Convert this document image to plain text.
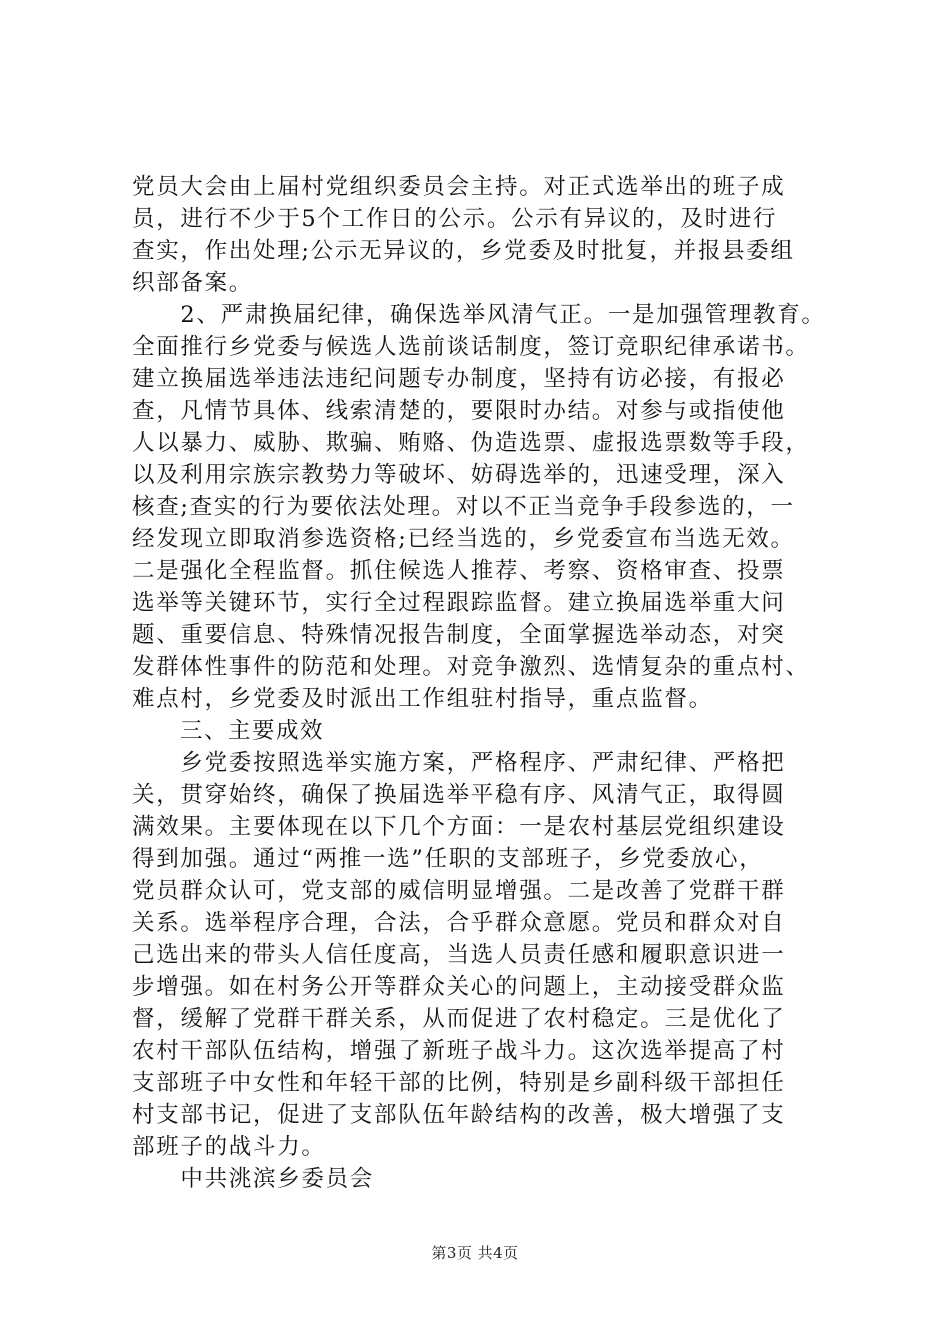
党员大会由上届村党组织委员会主持。对正式选举出的班子成
员，进行不少于5个工作日的公示。公示有异议的，及时进行
查实，作出处理;公示无异议的，乡党委及时批复，并报县委组
织部备案。
　　2、严肃换届纪律，确保选举风清气正。一是加强管理教育。
全面推行乡党委与候选人选前谈话制度，签订竞职纪律承诺书。
建立换届选举违法违纪问题专办制度，坚持有访必接，有报必
查，凡情节具体、线索清楚的，要限时办结。对参与或指使他
人以暴力、威胁、欺骗、贿赂、伪造选票、虚报选票数等手段，
以及利用宗族宗教势力等破坏、妨碍选举的，迅速受理，深入
核查;查实的行为要依法处理。对以不正当竞争手段参选的，一
经发现立即取消参选资格;已经当选的，乡党委宣布当选无效。
二是强化全程监督。抓住候选人推荐、考察、资格审查、投票
选举等关键环节，实行全过程跟踪监督。建立换届选举重大问
题、重要信息、特殊情况报告制度，全面掌握选举动态，对突
发群体性事件的防范和处理。对竞争激烈、选情复杂的重点村、
难点村，乡党委及时派出工作组驻村指导，重点监督。
　　三、主要成效
　　乡党委按照选举实施方案，严格程序、严肃纪律、严格把
关，贯穿始终，确保了换届选举平稳有序、风清气正，取得圆
满效果。主要体现在以下几个方面：一是农村基层党组织建设
得到加强。通过“两推一选”任职的支部班子，乡党委放心，
党员群众认可，党支部的威信明显增强。二是改善了党群干群
关系。选举程序合理，合法，合乎群众意愿。党员和群众对自
己选出来的带头人信任度高，当选人员责任感和履职意识进一
步增强。如在村务公开等群众关心的问题上，主动接受群众监
督，缓解了党群干群关系，从而促进了农村稳定。三是优化了
农村干部队伍结构，增强了新班子战斗力。这次选举提高了村
支部班子中女性和年轻干部的比例，特别是乡副科级干部担任
村支部书记，促进了支部队伍年龄结构的改善，极大增强了支
部班子的战斗力。
　　中共洮滨乡委员会
第3页 共4页
